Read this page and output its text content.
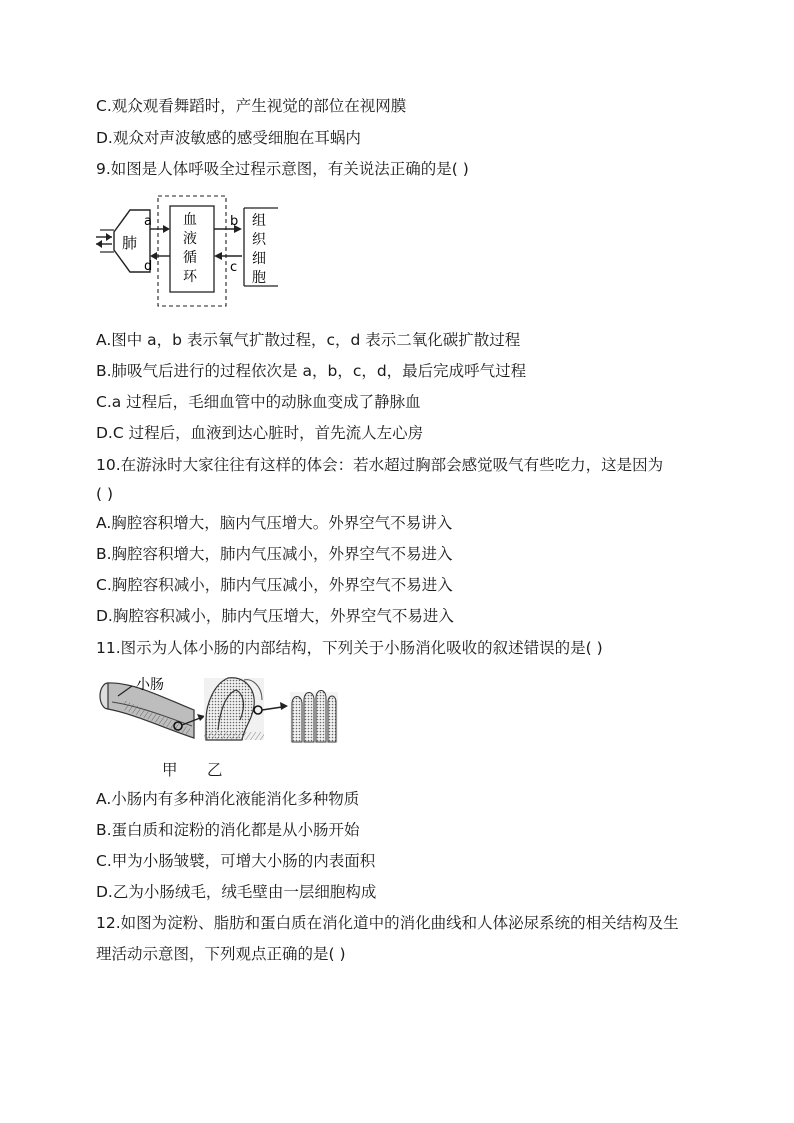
C.观众观看舞蹈时，产生视觉的部位在视网膜
D.观众对声波敏感的感受细胞在耳蜗内
9.如图是人体呼吸全过程示意图，有关说法正确的是( )
肺
a
d
血
液
循
环
b
c
组
织
细
胞
A.图中 a，b 表示氧气扩散过程，c，d 表示二氧化碳扩散过程
B.肺吸气后进行的过程依次是 a，b，c，d，最后完成呼气过程
C.a 过程后，毛细血管中的动脉血变成了静脉血
D.C 过程后，血液到达心脏时，首先流人左心房
10.在游泳时大家往往有这样的体会：若水超过胸部会感觉吸气有些吃力，这是因为
( )
A.胸腔容积增大，脑内气压增大。外界空气不易讲入
B.胸腔容积增大，肺内气压减小，外界空气不易进入
C.胸腔容积减小，肺内气压减小，外界空气不易进入
D.胸腔容积减小，肺内气压增大，外界空气不易进入
11.图示为人体小肠的内部结构，下列关于小肠消化吸收的叙述错误的是( )
小肠
甲 乙
A.小肠内有多种消化液能消化多种物质
B.蛋白质和淀粉的消化都是从小肠开始
C.甲为小肠皱襞，可增大小肠的内表面积
D.乙为小肠绒毛，绒毛壁由一层细胞构成
12.如图为淀粉、脂肪和蛋白质在消化道中的消化曲线和人体泌尿系统的相关结构及生
理活动示意图，下列观点正确的是( )
